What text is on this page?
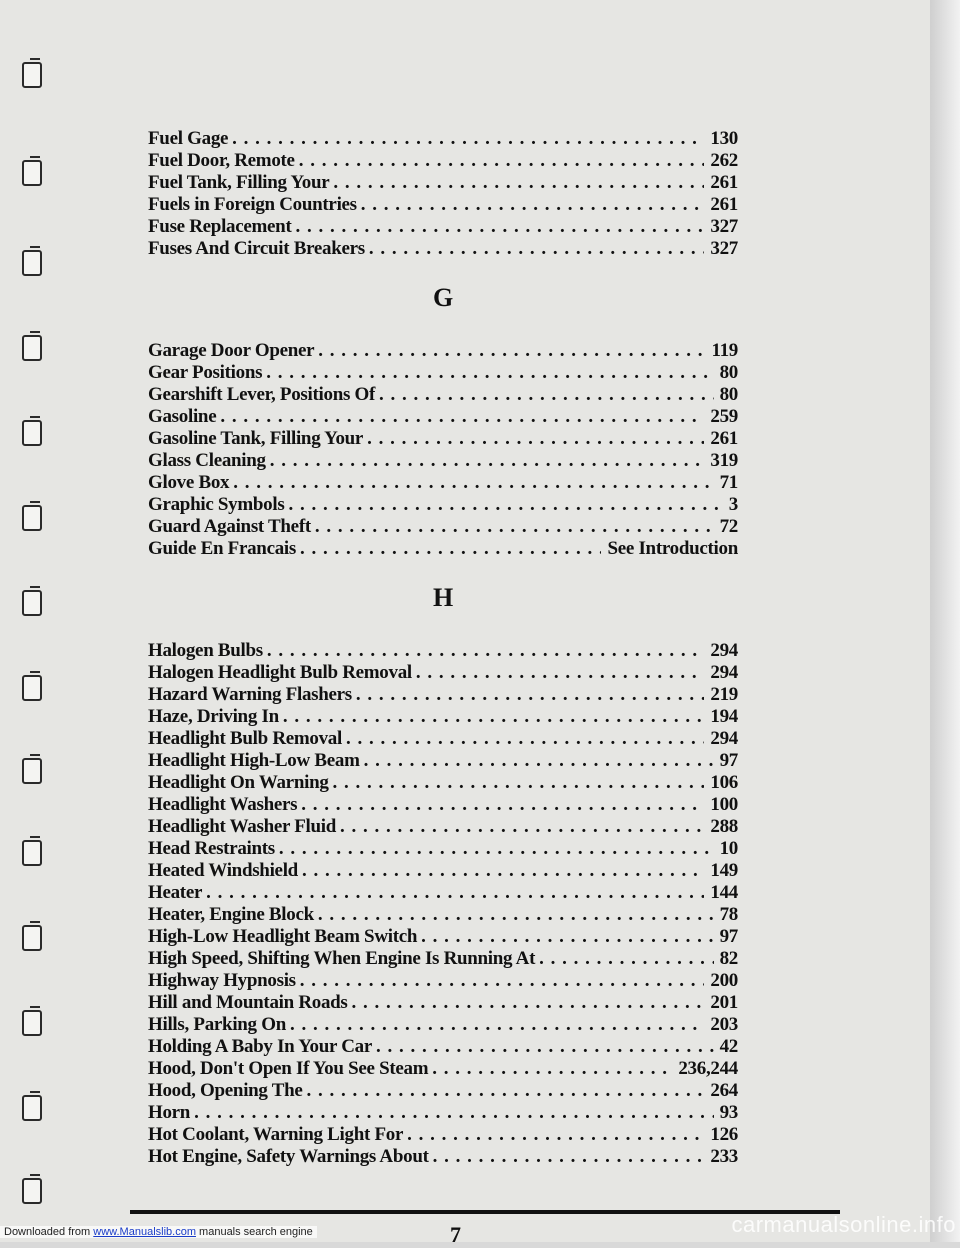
Fuel Gage . . .	130
Fuel Door, Remote . . .	262
Fuel Tank, Filling Your . . .	261
Fuels in Foreign Countries . . .	261
Fuse Replacement . . .	327
Fuses And Circuit Breakers . . .	327
G
Garage Door Opener . . .	119
Gear Positions . . .	80
Gearshift Lever, Positions Of . . .	80
Gasoline . . .	259
Gasoline Tank, Filling Your . . .	261
Glass Cleaning . . .	319
Glove Box . . .	71
Graphic Symbols . . .	3
Guard Against Theft . . .	72
Guide En Francais . . .	See Introduction
H
Halogen Bulbs . . .	294
Halogen Headlight Bulb Removal . . .	294
Hazard Warning Flashers . . .	219
Haze, Driving In . . .	194
Headlight Bulb Removal . . .	294
Headlight High-Low Beam . . .	97
Headlight On Warning . . .	106
Headlight Washers . . .	100
Headlight Washer Fluid . . .	288
Head Restraints . . .	10
Heated Windshield . . .	149
Heater . . .	144
Heater, Engine Block . . .	78
High-Low Headlight Beam Switch . . .	97
High Speed, Shifting When Engine Is Running At . . .	82
Highway Hypnosis . . .	200
Hill and Mountain Roads . . .	201
Hills, Parking On . . .	203
Holding A Baby In Your Car . . .	42
Hood, Don't Open If You See Steam . . .	236,244
Hood, Opening The . . .	264
Horn . . .	93
Hot Coolant, Warning Light For . . .	126
Hot Engine, Safety Warnings About . . .	233
7
Downloaded from www.Manualslib.com manuals search engine	carmanualsonline.info
